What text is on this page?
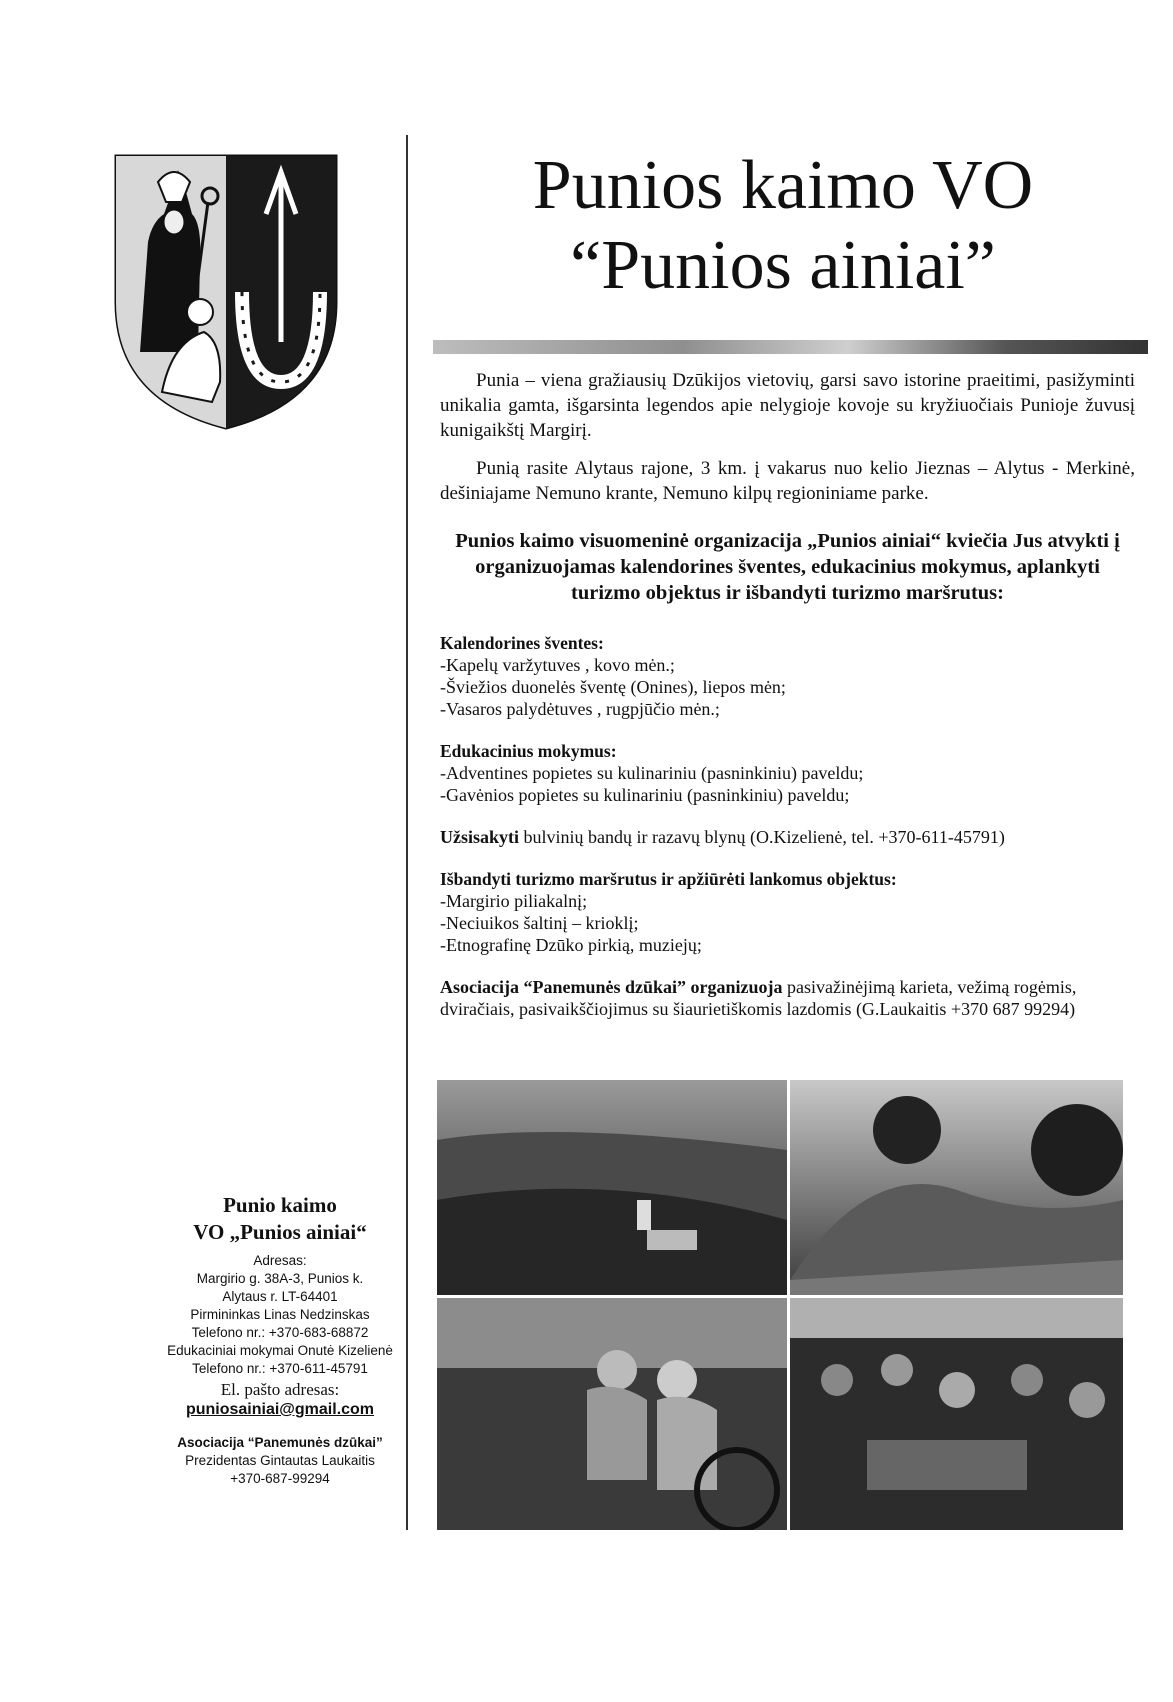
Punio kaimo

VO „Punios ainiai“

Adresas:

Margirio g. 38A-3, Punios k.

Alytaus r. LT-64401

Pirmininkas Linas Nedzinskas

Telefono nr.: +370-683-68872

Edukaciniai mokymai Onutė Kizelienė

Telefono nr.: +370-611-45791

El. pašto adresas:

puniosainiai@gmail.com

Asociacija “Panemunės dzūkai”

Prezidentas Gintautas Laukaitis

+370-687-99294

Punios kaimo VO
“Punios ainiai”

Punia – viena gražiausių Dzūkijos vietovių, garsi savo istorine praeitimi, pasižyminti unikalia gamta, išgarsinta legendos apie nelygioje kovoje su kryžiuočiais Punioje žuvusį kunigaikštį Margirį.

Punią rasite Alytaus rajone, 3 km. į vakarus nuo kelio Jieznas – Alytus - Merkinė, dešiniajame Nemuno krante, Nemuno kilpų regioniniame parke.

Punios kaimo visuomeninė organizacija „Punios ainiai“ kviečia Jus atvykti į organizuojamas kalendorines šventes, edukacinius mokymus, aplankyti turizmo objektus ir išbandyti turizmo maršrutus:

Kalendorines šventes:

-Kapelų varžytuves , kovo mėn.;

-Šviežios duonelės šventę (Onines), liepos mėn;

-Vasaros palydėtuves , rugpjūčio mėn.;

Edukacinius mokymus:

-Adventines popietes su kulinariniu (pasninkiniu) paveldu;

-Gavėnios popietes su kulinariniu (pasninkiniu) paveldu;

Užsisakyti bulvinių bandų ir razavų blynų (O.Kizelienė, tel. +370-611-45791)

Išbandyti turizmo maršrutus ir apžiūrėti lankomus objektus:

-Margirio piliakalnį;

-Neciuikos šaltinį – krioklį;

-Etnografinę Dzūko pirkią, muziejų;

Asociacija “Panemunės dzūkai” organizuoja pasivažinėjimą karieta, vežimą rogėmis, dviračiais, pasivaikščiojimus su šiaurietiškomis lazdomis (G.Laukaitis +370 687 99294)
